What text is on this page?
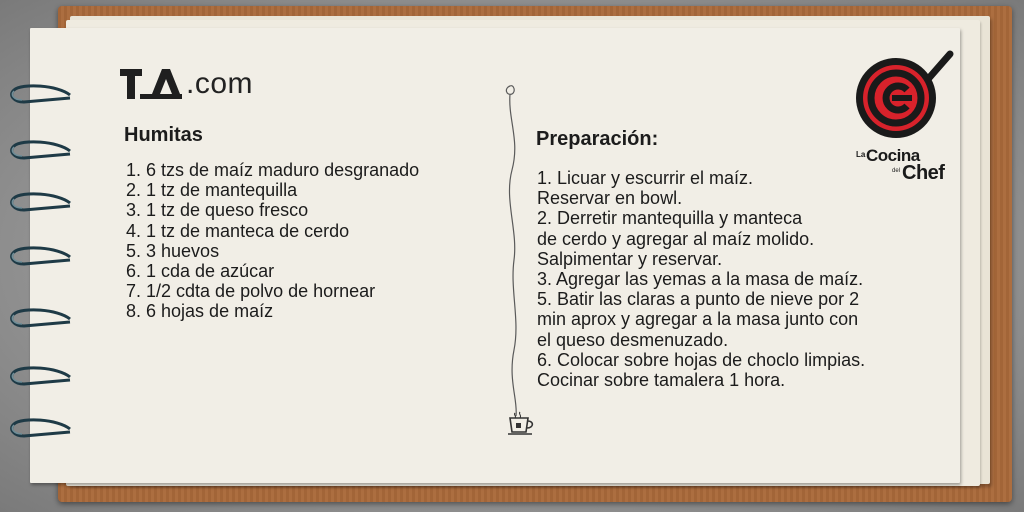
.com
Humitas
1. 6 tzs de maíz maduro desgranado
2. 1 tz de mantequilla
3. 1 tz de queso fresco
4. 1 tz de manteca de cerdo
5. 3 huevos
6. 1 cda de azúcar
7. 1/2 cdta de polvo de hornear
8. 6 hojas de maíz
Preparación:
1. Licuar y escurrir el maíz.
Reservar en bowl.
2. Derretir mantequilla y manteca
de cerdo y agregar al maíz molido.
Salpimentar y reservar.
3. Agregar las yemas a la masa de maíz.
5. Batir las claras a punto de nieve por 2
min aprox y agregar a la masa junto con
el queso desmenuzado.
6. Colocar sobre hojas de choclo limpias.
Cocinar sobre tamalera 1 hora.
La Cocina
del Chef
